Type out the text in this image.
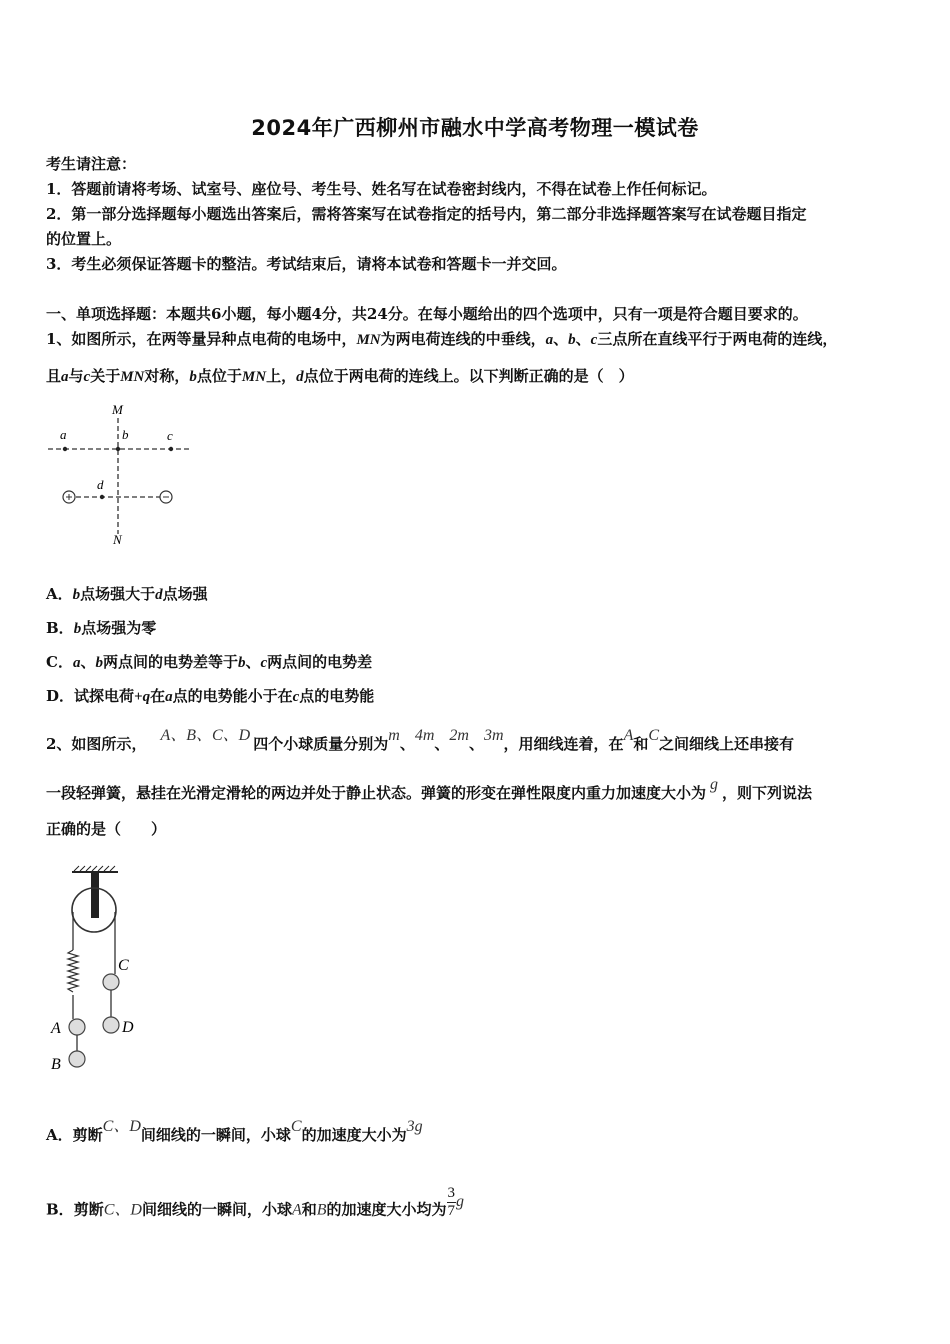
2024年广西柳州市融水中学高考物理一模试卷
考生请注意：
1．答题前请将考场、试室号、座位号、考生号、姓名写在试卷密封线内，不得在试卷上作任何标记。
2．第一部分选择题每小题选出答案后，需将答案写在试卷指定的括号内，第二部分非选择题答案写在试卷题目指定
的位置上。
3．考生必须保证答题卡的整洁。考试结束后，请将本试卷和答题卡一并交回。
一、单项选择题：本题共6小题，每小题4分，共24分。在每小题给出的四个选项中，只有一项是符合题目要求的。
1、如图所示，在两等量异种点电荷的电场中，MN为两电荷连线的中垂线，a、b、c三点所在直线平行于两电荷的连线，
且a与c关于MN对称，b点位于MN上，d点位于两电荷的连线上。以下判断正确的是（　）
M
N
a	b	c
d
A．b点场强大于d点场强
B．b点场强为零
C．a、b两点间的电势差等于b、c两点间的电势差
D．试探电荷+q在a点的电势能小于在c点的电势能
2、如图所示， A、B、C、D 四个小球质量分别为m、4m、2m、3m，用细线连着，在A和C之间细线上还串接有
一段轻弹簧，悬挂在光滑定滑轮的两边并处于静止状态。弹簧的形变在弹性限度内重力加速度大小为 g ，则下列说法
正确的是（　　）
C
D
A
B
A．剪断C、D间细线的一瞬间，小球C的加速度大小为3g
B．剪断C、D间细线的一瞬间，小球A和B的加速度大小均为 $\frac{3}{7}$ g
